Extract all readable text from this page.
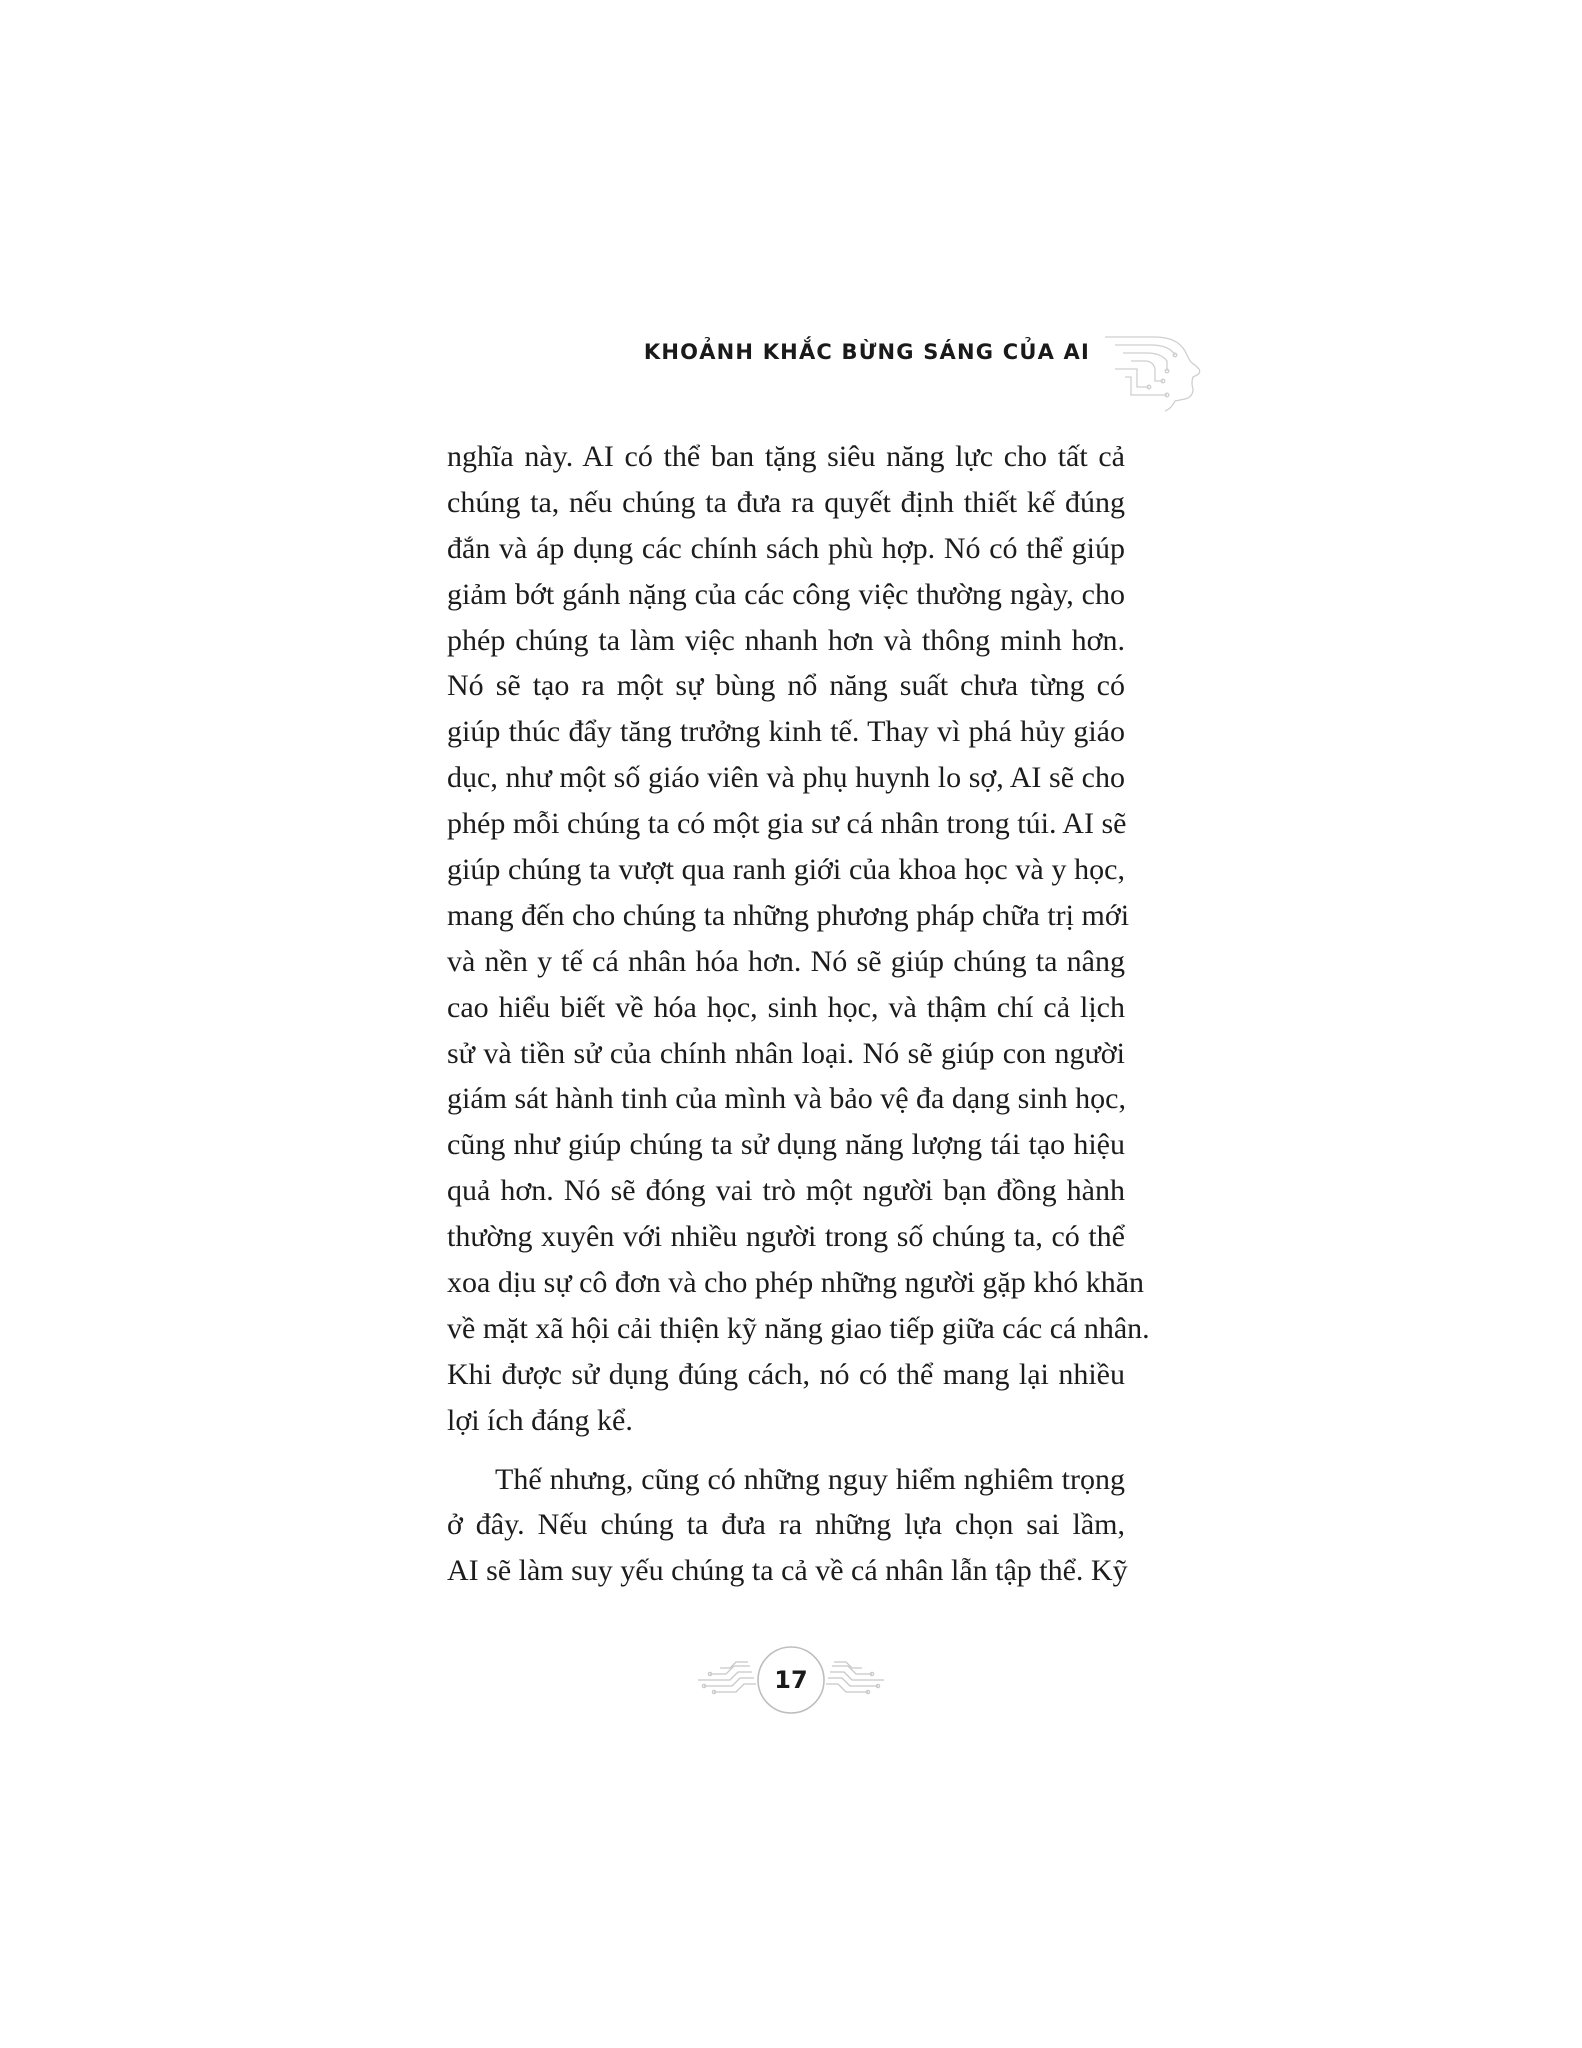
KHOẢNH KHẮC BỪNG SÁNG CỦA AI
nghĩa này. AI có thể ban tặng siêu năng lực cho tất cả
chúng ta, nếu chúng ta đưa ra quyết định thiết kế đúng
đắn và áp dụng các chính sách phù hợp. Nó có thể giúp
giảm bớt gánh nặng của các công việc thường ngày, cho
phép chúng ta làm việc nhanh hơn và thông minh hơn.
Nó sẽ tạo ra một sự bùng nổ năng suất chưa từng có
giúp thúc đẩy tăng trưởng kinh tế. Thay vì phá hủy giáo
dục, như một số giáo viên và phụ huynh lo sợ, AI sẽ cho
phép mỗi chúng ta có một gia sư cá nhân trong túi. AI sẽ
giúp chúng ta vượt qua ranh giới của khoa học và y học,
mang đến cho chúng ta những phương pháp chữa trị mới
và nền y tế cá nhân hóa hơn. Nó sẽ giúp chúng ta nâng
cao hiểu biết về hóa học, sinh học, và thậm chí cả lịch
sử và tiền sử của chính nhân loại. Nó sẽ giúp con người
giám sát hành tinh của mình và bảo vệ đa dạng sinh học,
cũng như giúp chúng ta sử dụng năng lượng tái tạo hiệu
quả hơn. Nó sẽ đóng vai trò một người bạn đồng hành
thường xuyên với nhiều người trong số chúng ta, có thể
xoa dịu sự cô đơn và cho phép những người gặp khó khăn
về mặt xã hội cải thiện kỹ năng giao tiếp giữa các cá nhân.
Khi được sử dụng đúng cách, nó có thể mang lại nhiều
lợi ích đáng kể.
Thế nhưng, cũng có những nguy hiểm nghiêm trọng
ở đây. Nếu chúng ta đưa ra những lựa chọn sai lầm,
AI sẽ làm suy yếu chúng ta cả về cá nhân lẫn tập thể. Kỹ
17
